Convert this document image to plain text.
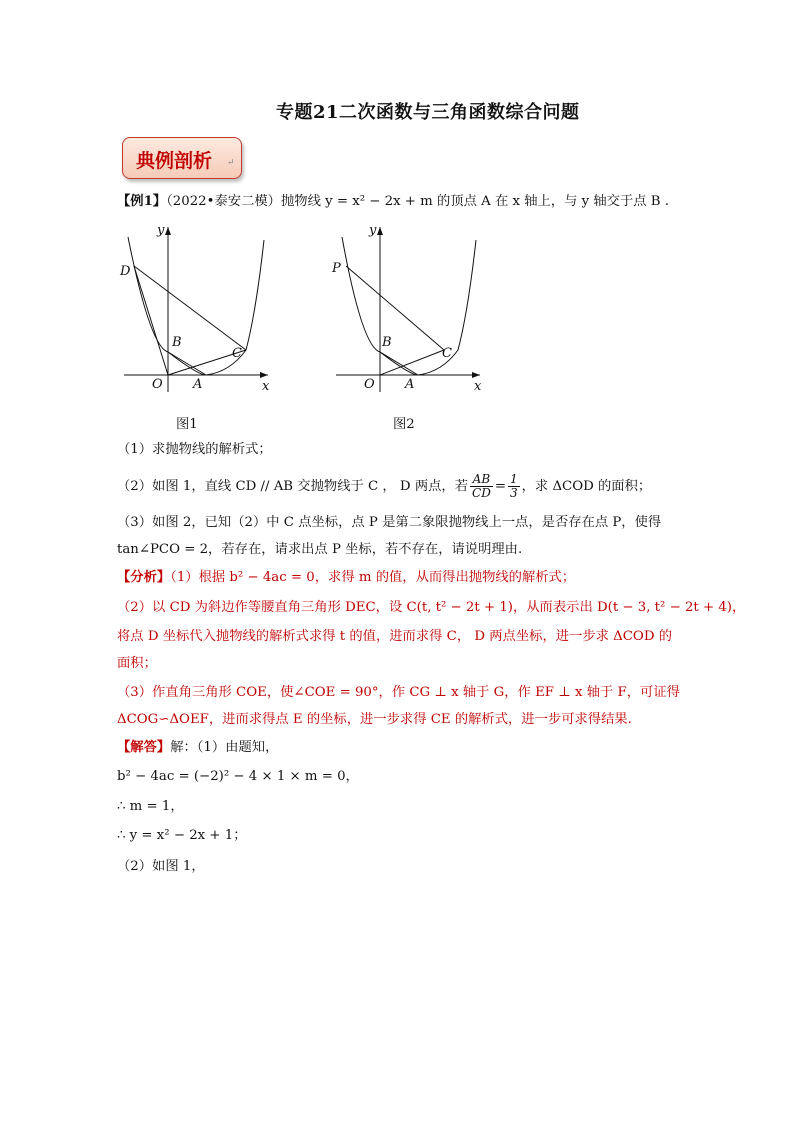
专题21二次函数与三角函数综合问题
典例剖析 ↵
【例1】（2022•泰安二模）抛物线 y = x² − 2x + m 的顶点 A 在 x 轴上，与 y 轴交于点 B .
y
x
O A
B
C
D
图1
y
x
O A
B
C
P
图2
（1）求抛物线的解析式；
（2）如图 1，直线 CD // AB 交抛物线于 C ， D 两点，若 $\frac{AB}{CD} = \frac{1}{3}$ ，求 ΔCOD 的面积；
（3）如图 2，已知（2）中 C 点坐标，点 P 是第二象限抛物线上一点，是否存在点 P，使得
tan∠PCO = 2，若存在，请求出点 P 坐标，若不存在，请说明理由.
【分析】（1）根据 b² − 4ac = 0，求得 m 的值，从而得出抛物线的解析式；
（2）以 CD 为斜边作等腰直角三角形 DEC，设 C(t, t² − 2t + 1)，从而表示出 D(t − 3, t² − 2t + 4)，
将点 D 坐标代入抛物线的解析式求得 t 的值，进而求得 C， D 两点坐标，进一步求 ΔCOD 的
面积；
（3）作直角三角形 COE，使∠COE = 90°，作 CG ⊥ x 轴于 G，作 EF ⊥ x 轴于 F，可证得
ΔCOG∽ΔOEF，进而求得点 E 的坐标，进一步求得 CE 的解析式，进一步可求得结果.
【解答】解：（1）由题知，
b² − 4ac = (−2)² − 4 × 1 × m = 0，
∴ m = 1，
∴ y = x² − 2x + 1；
（2）如图 1，
